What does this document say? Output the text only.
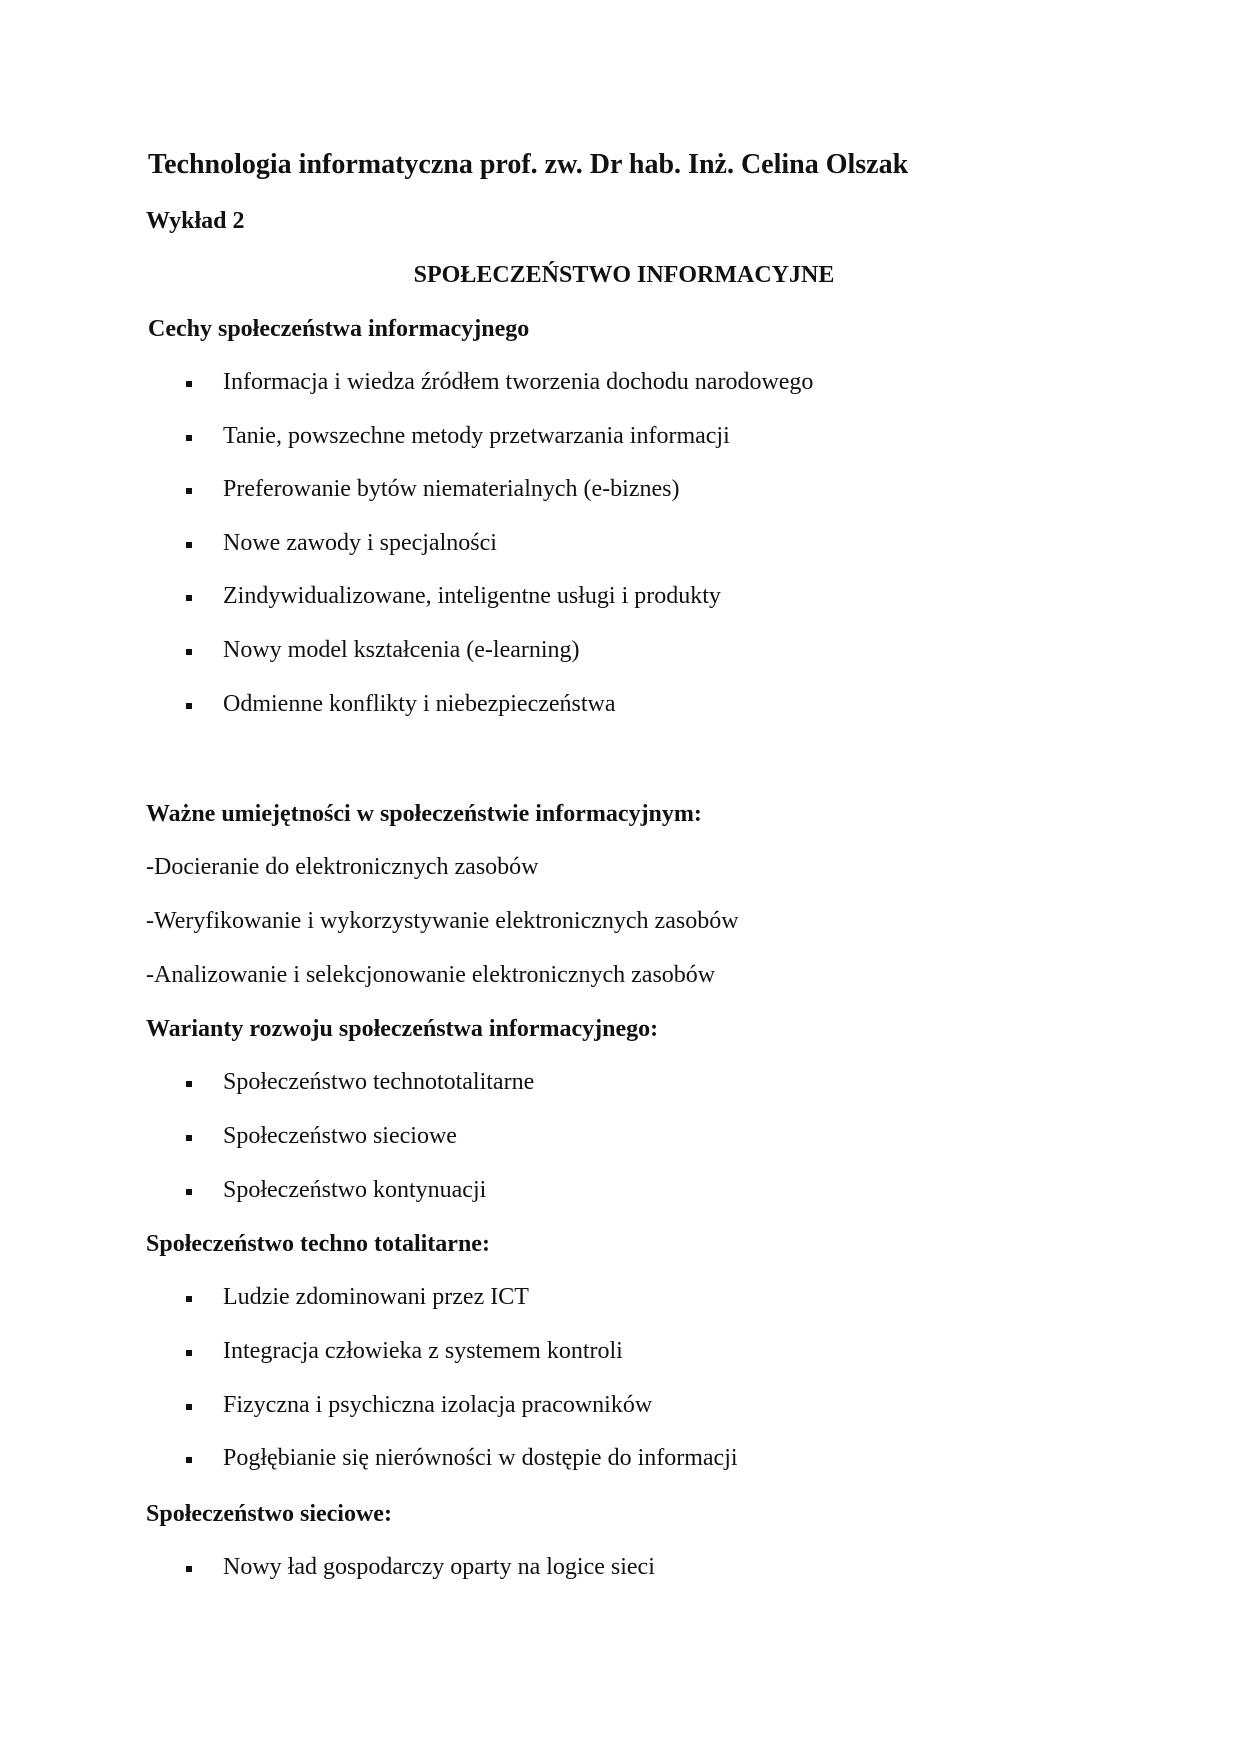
Technologia informatyczna prof. zw. Dr hab. Inż. Celina Olszak
Wykład 2
SPOŁECZEŃSTWO INFORMACYJNE
Cechy społeczeństwa informacyjnego
Informacja i wiedza źródłem tworzenia dochodu narodowego
Tanie, powszechne metody przetwarzania informacji
Preferowanie bytów niematerialnych (e-biznes)
Nowe zawody i specjalności
Zindywidualizowane, inteligentne usługi i produkty
Nowy model kształcenia (e-learning)
Odmienne konflikty i niebezpieczeństwa
Ważne umiejętności w społeczeństwie informacyjnym:
-Docieranie do elektronicznych zasobów
-Weryfikowanie i wykorzystywanie elektronicznych zasobów
-Analizowanie i selekcjonowanie elektronicznych zasobów
Warianty rozwoju społeczeństwa informacyjnego:
Społeczeństwo technototalitarne
Społeczeństwo sieciowe
Społeczeństwo kontynuacji
Społeczeństwo techno totalitarne:
Ludzie zdominowani przez ICT
Integracja człowieka z systemem kontroli
Fizyczna i psychiczna izolacja pracowników
Pogłębianie się nierówności w dostępie do informacji
Społeczeństwo sieciowe:
Nowy ład gospodarczy oparty na logice sieci
